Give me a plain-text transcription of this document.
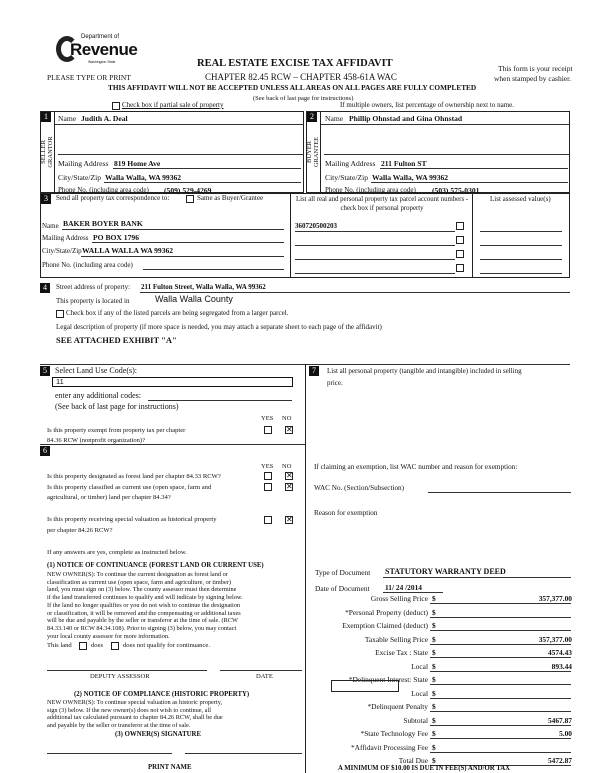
Department of
Revenue
Washington State
PLEASE TYPE OR PRINT
REAL ESTATE EXCISE TAX AFFIDAVIT
CHAPTER 82.45 RCW – CHAPTER 458-61A WAC
THIS AFFIDAVIT WILL NOT BE ACCEPTED UNLESS ALL AREAS ON ALL PAGES ARE FULLY COMPLETED
(See back of last page for instructions)
This form is your receipt
when stamped by cashier.
Check box if partial sale of property	If multiple owners, list percentage of ownership next to name.
1	2
SELLER GRANTOR	BUYER GRANTEE
Name Judith A. Deal
Mailing Address 819 Home Ave
City/State/Zip Walla Walla, WA 99362
Phone No. (including area code) (509) 529-4269
Name Phillip Ohnstad and Gina Ohnstad
Mailing Address 211 Fulton ST
City/State/Zip Walla Walla, WA 99362
Phone No. (including area code) (503) 575-0301
3	Send all property tax correspondence to:	Same as Buyer/Grantee
Name BAKER BOYER BANK
Mailing Address PO BOX 1796
City/State/Zip WALLA WALLA WA 99362
Phone No. (including area code)
List all real and personal property tax parcel account numbers - check box if personal property
360720500203
List assessed value(s)
4	Street address of property: 211 Fulton Street, Walla Walla, WA 99362
This property is located in	Walla Walla County
Check box if any of the listed parcels are being segregated from a larger parcel.
Legal description of property (if more space is needed, you may attach a separate sheet to each page of the affidavit)
SEE ATTACHED EXHIBIT "A"
5	Select Land Use Code(s):
11
enter any additional codes:
(See back of last page for instructions)
YES NO
Is this property exempt from property tax per chapter
84.36 RCW (nonprofit organization)?
✕
6
YES NO
Is this property designated as forest land per chapter 84.33 RCW?	✕
Is this property classified as current use (open space, farm and
agricultural, or timber) land per chapter 84.34?
✕
Is this property receiving special valuation as historical property
per chapter 84.26 RCW?
✕
If any answers are yes, complete as instructed below.
(1) NOTICE OF CONTINUANCE (FOREST LAND OR CURRENT USE)
NEW OWNER(S): To continue the current designation as forest land or
classification as current use (open space, farm and agriculture, or timber)
land, you must sign on (3) below. The county assessor must then determine
if the land transferred continues to qualify and will indicate by signing below.
If the land no longer qualifies or you do not wish to continue the designation
or classification, it will be removed and the compensating or additional taxes
will be due and payable by the seller or transferor at the time of sale. (RCW
84.33.140 or RCW 84.34.108). Prior to signing (3) below, you may contact
your local county assessor for more information.
This land	does	does not qualify for continuance.
DEPUTY ASSESSOR	DATE
(2) NOTICE OF COMPLIANCE (HISTORIC PROPERTY)
NEW OWNER(S): To continue special valuation as historic property,
sign (3) below. If the new owner(s) does not wish to continue, all
additional tax calculated pursuant to chapter 84.26 RCW, shall be due
and payable by the seller or transferor at the time of sale.
(3) OWNER(S) SIGNATURE
PRINT NAME
7	List all personal property (tangible and intangible) included in selling
price.
If claiming an exemption, list WAC number and reason for exemption:
WAC No. (Section/Subsection)
Reason for exemption
Type of Document STATUTORY WARRANTY DEED
Date of Document 11/ 24 /2014
Gross Selling Price $	357,377.00
*Personal Property (deduct) $
Exemption Claimed (deduct) $
Taxable Selling Price $	357,377.00
Excise Tax : State $	4574.43
Local $	893.44
*Delinquent Interest: State $
Local $
*Delinquent Penalty $
Subtotal $	5467.87
*State Technology Fee $	5.00
*Affidavit Processing Fee $
Total Due $	5472.87
A MINIMUM OF $10.00 IS DUE IN FEE(S) AND/OR TAX
